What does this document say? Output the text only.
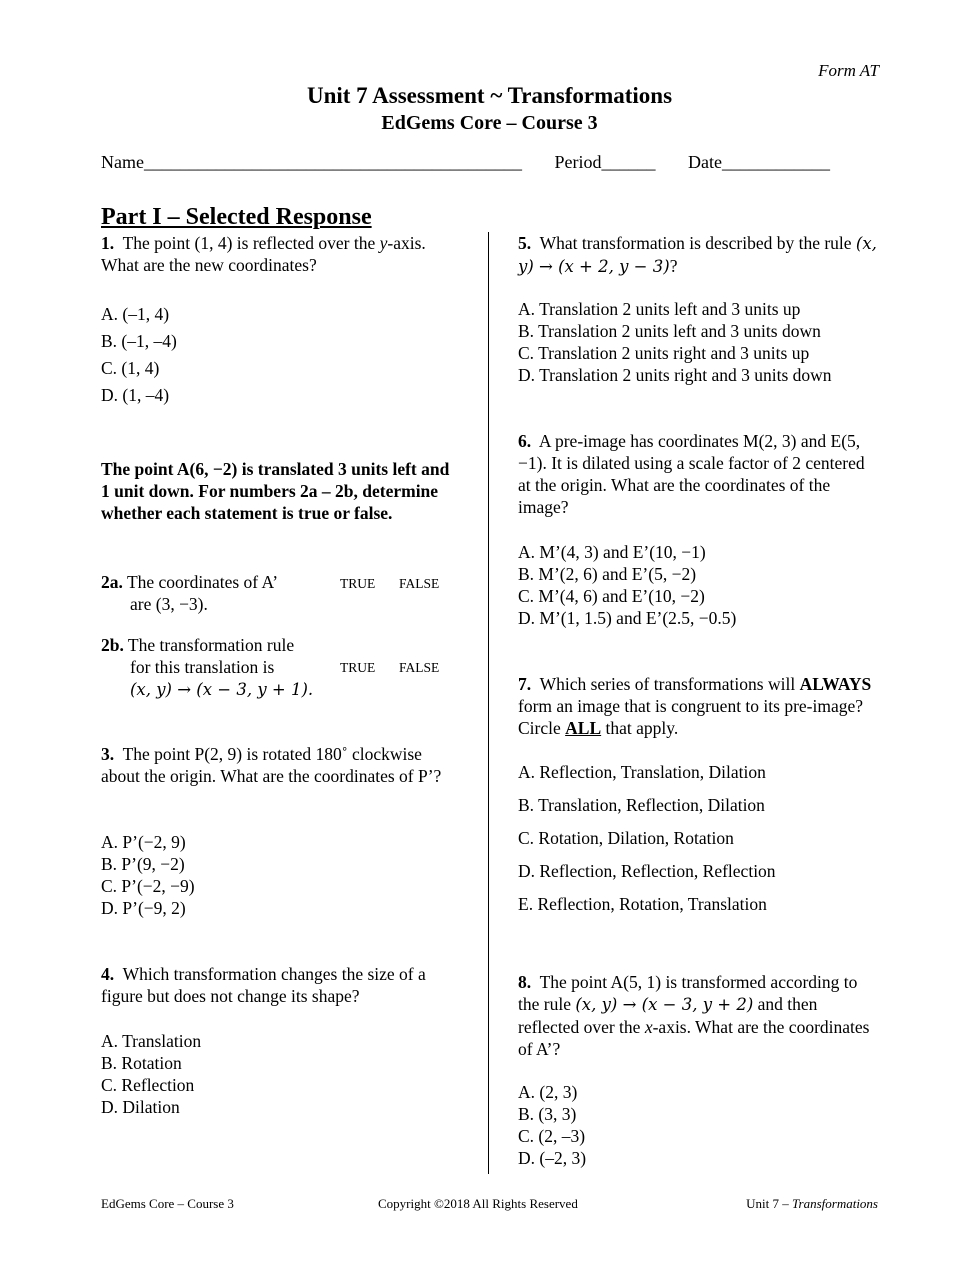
Form AT
Unit 7 Assessment ~ Transformations
EdGems Core – Course 3
Name__________________________________________ Period______ Date____________
Part I – Selected Response
1. The point (1, 4) is reflected over the y-axis. What are the new coordinates?
A. (–1, 4)
B. (–1, –4)
C. (1, 4)
D. (1, –4)
The point A(6, −2) is translated 3 units left and 1 unit down. For numbers 2a – 2b, determine whether each statement is true or false.
2a. The coordinates of A’
are (3, −3).
TRUE FALSE
2b. The transformation rule
for this translation is
(x, y) → (x − 3, y + 1).
TRUE FALSE
3. The point P(2, 9) is rotated 180˚ clockwise about the origin. What are the coordinates of P’?
A. P’(−2, 9)
B. P’(9, −2)
C. P’(−2, −9)
D. P’(−9, 2)
4. Which transformation changes the size of a figure but does not change its shape?
A. Translation
B. Rotation
C. Reflection
D. Dilation
5. What transformation is described by the rule (x, y) → (x + 2, y − 3)?
A. Translation 2 units left and 3 units up
B. Translation 2 units left and 3 units down
C. Translation 2 units right and 3 units up
D. Translation 2 units right and 3 units down
6. A pre-image has coordinates M(2, 3) and E(5, −1). It is dilated using a scale factor of 2 centered at the origin. What are the coordinates of the image?
A. M’(4, 3) and E’(10, −1)
B. M’(2, 6) and E’(5, −2)
C. M’(4, 6) and E’(10, −2)
D. M’(1, 1.5) and E’(2.5, −0.5)
7. Which series of transformations will ALWAYS form an image that is congruent to its pre-image? Circle ALL that apply.
A. Reflection, Translation, Dilation
B. Translation, Reflection, Dilation
C. Rotation, Dilation, Rotation
D. Reflection, Reflection, Reflection
E. Reflection, Rotation, Translation
8. The point A(5, 1) is transformed according to the rule (x, y) → (x − 3, y + 2) and then reflected over the x-axis. What are the coordinates of A’?
A. (2, 3)
B. (3, 3)
C. (2, –3)
D. (–2, 3)
EdGems Core – Course 3	Copyright ©2018 All Rights Reserved	Unit 7 – Transformations
